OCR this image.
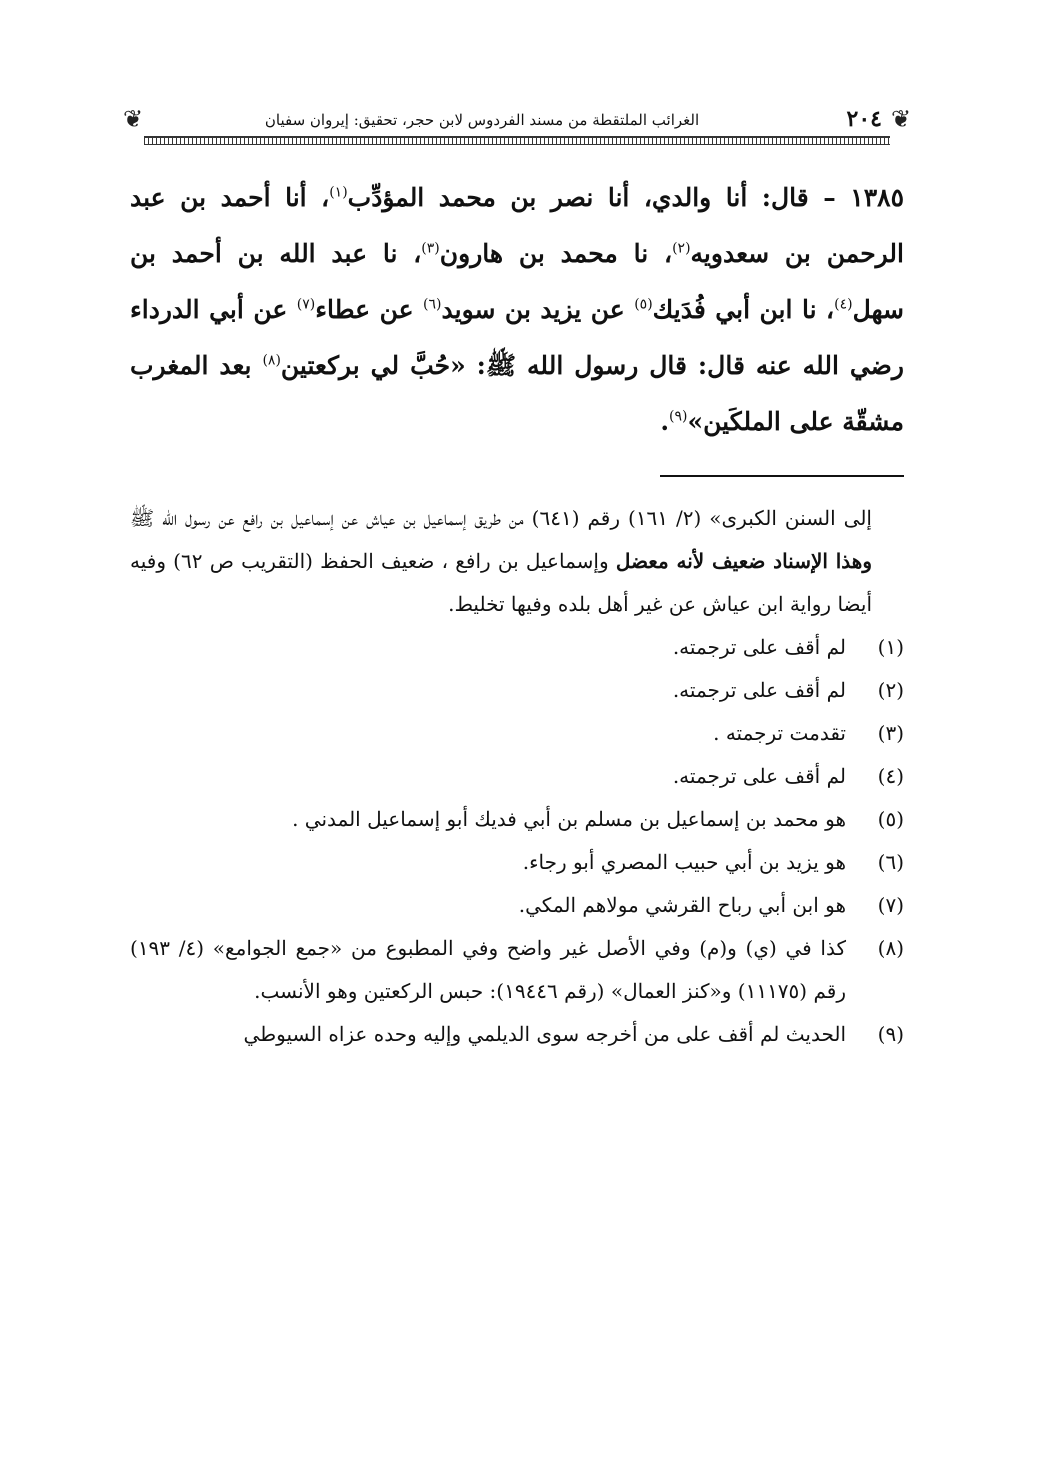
❦
٢٠٤
الغرائب الملتقطة من مسند الفردوس لابن حجر، تحقيق: إيروان سفيان
❦

١٣٨٥ – قال: أنا والدي، أنا نصر بن محمد المؤدِّب$^{(١)}$، أنا أحمد بن عبد الرحمن بن سعدويه$^{(٢)}$، نا محمد بن هارون$^{(٣)}$، نا عبد الله بن أحمد بن سهل$^{(٤)}$، نا ابن أبي فُدَيك$^{(٥)}$ عن يزيد بن سويد$^{(٦)}$ عن عطاء$^{(٧)}$ عن أبي الدرداء رضي الله عنه قال: قال رسول الله ﷺ: «حُبَّ لي بركعتين$^{(٨)}$ بعد المغرب مشقّة على الملكَين»$^{(٩)}$.

إلى السنن الكبرى» (٢/ ١٦١) رقم (٦٤١) من طريق إسماعيل بن عياش عن إسماعيل بن رافع عن رسول الله ﷺ وهذا الإسناد ضعيف لأنه معضل وإسماعيل بن رافع ، ضعيف الحفظ (التقريب ص ٦٢) وفيه أيضا رواية ابن عياش عن غير أهل بلده وفيها تخليط.
(١)
لم أقف على ترجمته.
(٢)
لم أقف على ترجمته.
(٣)
تقدمت ترجمته .
(٤)
لم أقف على ترجمته.
(٥)
هو محمد بن إسماعيل بن مسلم بن أبي فديك أبو إسماعيل المدني .
(٦)
هو يزيد بن أبي حبيب المصري أبو رجاء.
(٧)
هو ابن أبي رباح القرشي مولاهم المكي.
(٨)
كذا في (ي) و(م) وفي الأصل غير واضح وفي المطبوع من «جمع الجوامع» (٤/ ١٩٣) رقم (١١١٧٥) و«كنز العمال» (رقم ١٩٤٤٦): حبس الركعتين وهو الأنسب.
(٩)
الحديث لم أقف على من أخرجه سوى الديلمي وإليه وحده عزاه السيوطي
